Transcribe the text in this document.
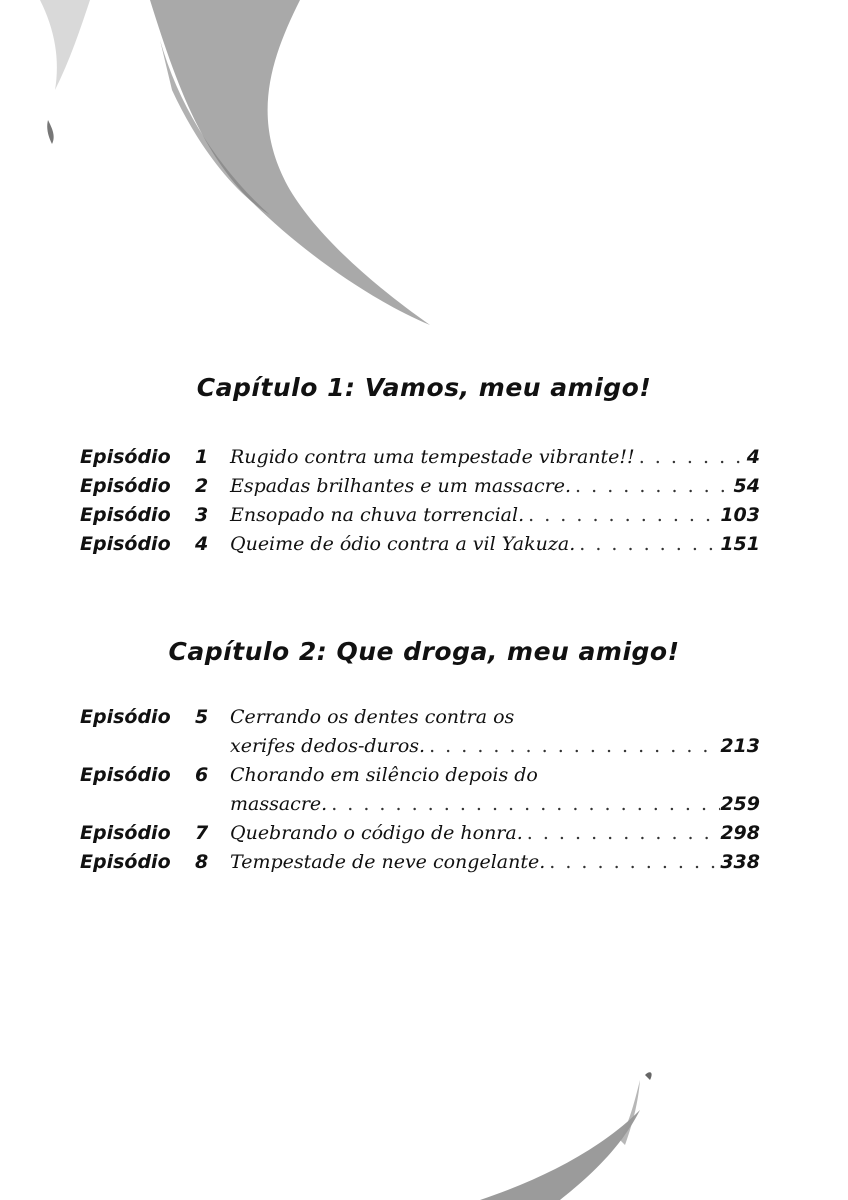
Capítulo 1: Vamos, meu amigo!
Episódio	1	Rugido contra uma tempestade vibrante!! . . .	4
Episódio	2	Espadas brilhantes e um massacre. . . .	54
Episódio	3	Ensopado na chuva torrencial. . . .	103
Episódio	4	Queime de ódio contra a vil Yakuza. . . .	151
Capítulo 2: Que droga, meu amigo!
Episódio	5	Cerrando os dentes contra os
xerifes dedos-duros. . . .	213
Episódio	6	Chorando em silêncio depois do
massacre. . . .	259
Episódio	7	Quebrando o código de honra. . . .	298
Episódio	8	Tempestade de neve congelante. . . .	338
